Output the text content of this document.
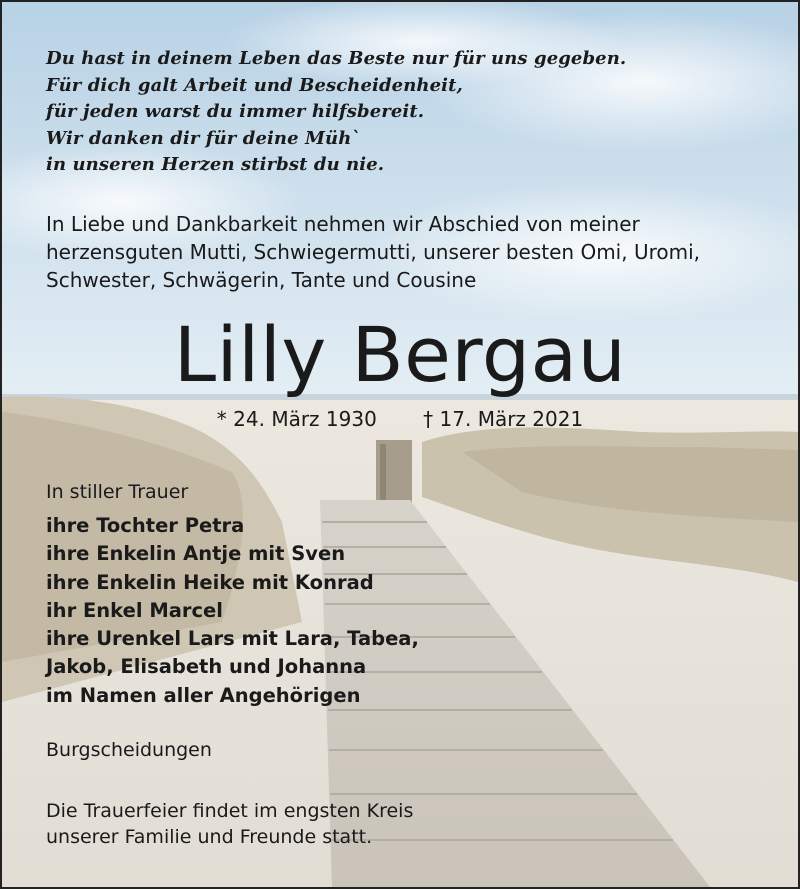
Du hast in deinem Leben das Beste nur für uns gegeben.
Für dich galt Arbeit und Bescheidenheit,
für jeden warst du immer hilfsbereit.
Wir danken dir für deine Müh`
in unseren Herzen stirbst du nie.
In Liebe und Dankbarkeit nehmen wir Abschied von meiner
herzensguten Mutti, Schwiegermutti, unserer besten Omi, Uromi,
Schwester, Schwägerin, Tante und Cousine
Lilly Bergau
* 24. März 1930 † 17. März 2021
In stiller Trauer
ihre Tochter Petra
ihre Enkelin Antje mit Sven
ihre Enkelin Heike mit Konrad
ihr Enkel Marcel
ihre Urenkel Lars mit Lara, Tabea,
Jakob, Elisabeth und Johanna
im Namen aller Angehörigen
Burgscheidungen
Die Trauerfeier findet im engsten Kreis
unserer Familie und Freunde statt.
